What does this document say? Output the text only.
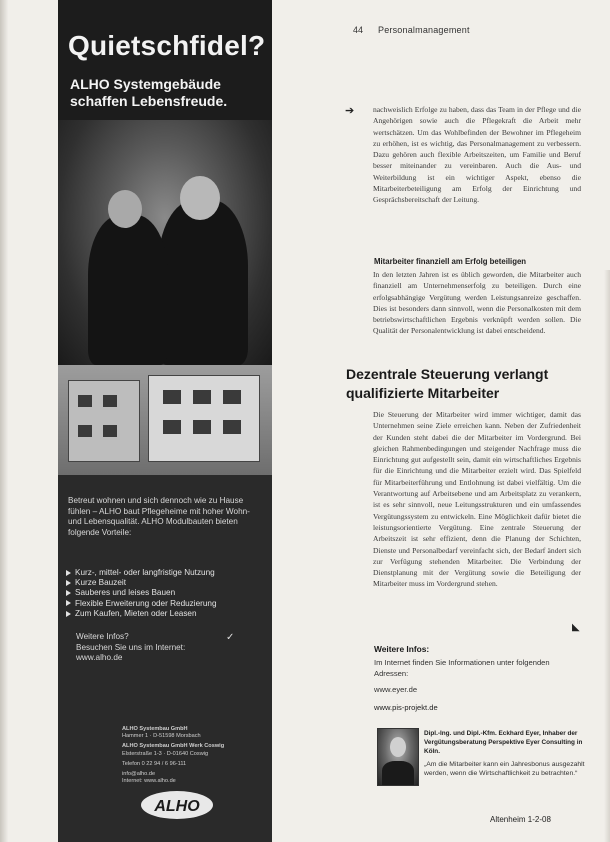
Quietschfidel?
ALHO Systemgebäude schaffen Lebensfreude.
Betreut wohnen und sich dennoch wie zu Hause fühlen – ALHO baut Pflegeheime mit hoher Wohn- und Lebensqualität. ALHO Modulbauten bieten folgende Vorteile:
Kurz-, mittel- oder langfristige Nutzung
Kurze Bauzeit
Sauberes und leises Bauen
Flexible Erweiterung oder Reduzierung
Zum Kaufen, Mieten oder Leasen
Weitere Infos?
Besuchen Sie uns im Internet:
www.alho.de
✓
ALHO Systembau GmbH
Hammer 1 · D-51598 Morsbach
ALHO Systembau GmbH Werk Coswig
Elsterstraße 1-3 · D-01640 Coswig
Telefon 0 22 94 / 6 96-111
info@alho.de
Internet: www.alho.de
ALHO
44 Personalmanagement
➔ nachweislich Erfolge zu haben, dass das Team in der Pflege und die Angehörigen sowie auch die Pflegekraft die Arbeit mehr wertschätzen. Um das Wohlbefinden der Bewohner im Pflegeheim zu erhöhen, ist es wichtig, das Personalmanagement zu verbessern. Dazu gehören auch flexible Arbeitszeiten, um Familie und Beruf besser miteinander zu vereinbaren. Auch die Aus- und Weiterbildung ist ein wichtiger Aspekt, ebenso die Mitarbeiterbeteiligung am Erfolg der Einrichtung und Gesprächsbereitschaft der Leitung.
Mitarbeiter finanziell am Erfolg beteiligen
In den letzten Jahren ist es üblich geworden, die Mitarbeiter auch finanziell am Unternehmenserfolg zu beteiligen. Durch eine erfolgsabhängige Vergütung werden Leistungsanreize geschaffen. Dies ist besonders dann sinnvoll, wenn die Personalkosten mit dem betriebswirtschaftlichen Ergebnis verknüpft werden sollen. Die Qualität der Personalentwicklung ist dabei entscheidend.
Dezentrale Steuerung verlangt qualifizierte Mitarbeiter
Die Steuerung der Mitarbeiter wird immer wichtiger, damit das Unternehmen seine Ziele erreichen kann. Neben der Zufriedenheit der Kunden steht dabei die der Mitarbeiter im Vordergrund. Bei gleichen Rahmenbedingungen und steigender Nachfrage muss die Einrichtung gut aufgestellt sein, damit ein wirtschaftliches Ergebnis für die Einrichtung und die Mitarbeiter erzielt wird. Das Spielfeld für Mitarbeiterführung und Entlohnung ist dabei vielfältig. Um die Verantwortung auf Arbeitsebene und am Arbeitsplatz zu verankern, ist es sehr sinnvoll, neue Leitungsstrukturen und ein umfassendes Vergütungssystem zu entwickeln. Eine Möglichkeit dafür bietet die leistungsorientierte Vergütung. Eine zentrale Steuerung der Arbeitszeit ist sehr effizient, denn die Planung der Schichten, Dienste und Personalbedarf vereinfacht sich, der Bedarf ändert sich zur Verfügung stehenden Mitarbeiter. Die Verbindung der Dienstplanung mit der Vergütung sowie die Beteiligung der Mitarbeiter muss im Vordergrund stehen.
◣
Weitere Infos:
Im Internet finden Sie Informationen unter folgenden Adressen:
www.eyer.de
www.pis-projekt.de
Dipl.-Ing. und Dipl.-Kfm. Eckhard Eyer, Inhaber der Vergütungsberatung Perspektive Eyer Consulting in Köln.
„Am die Mitarbeiter kann ein Jahresbonus ausgezahlt werden, wenn die Wirtschaftlichkeit zu betrachten.“
Altenheim 1-2-08
